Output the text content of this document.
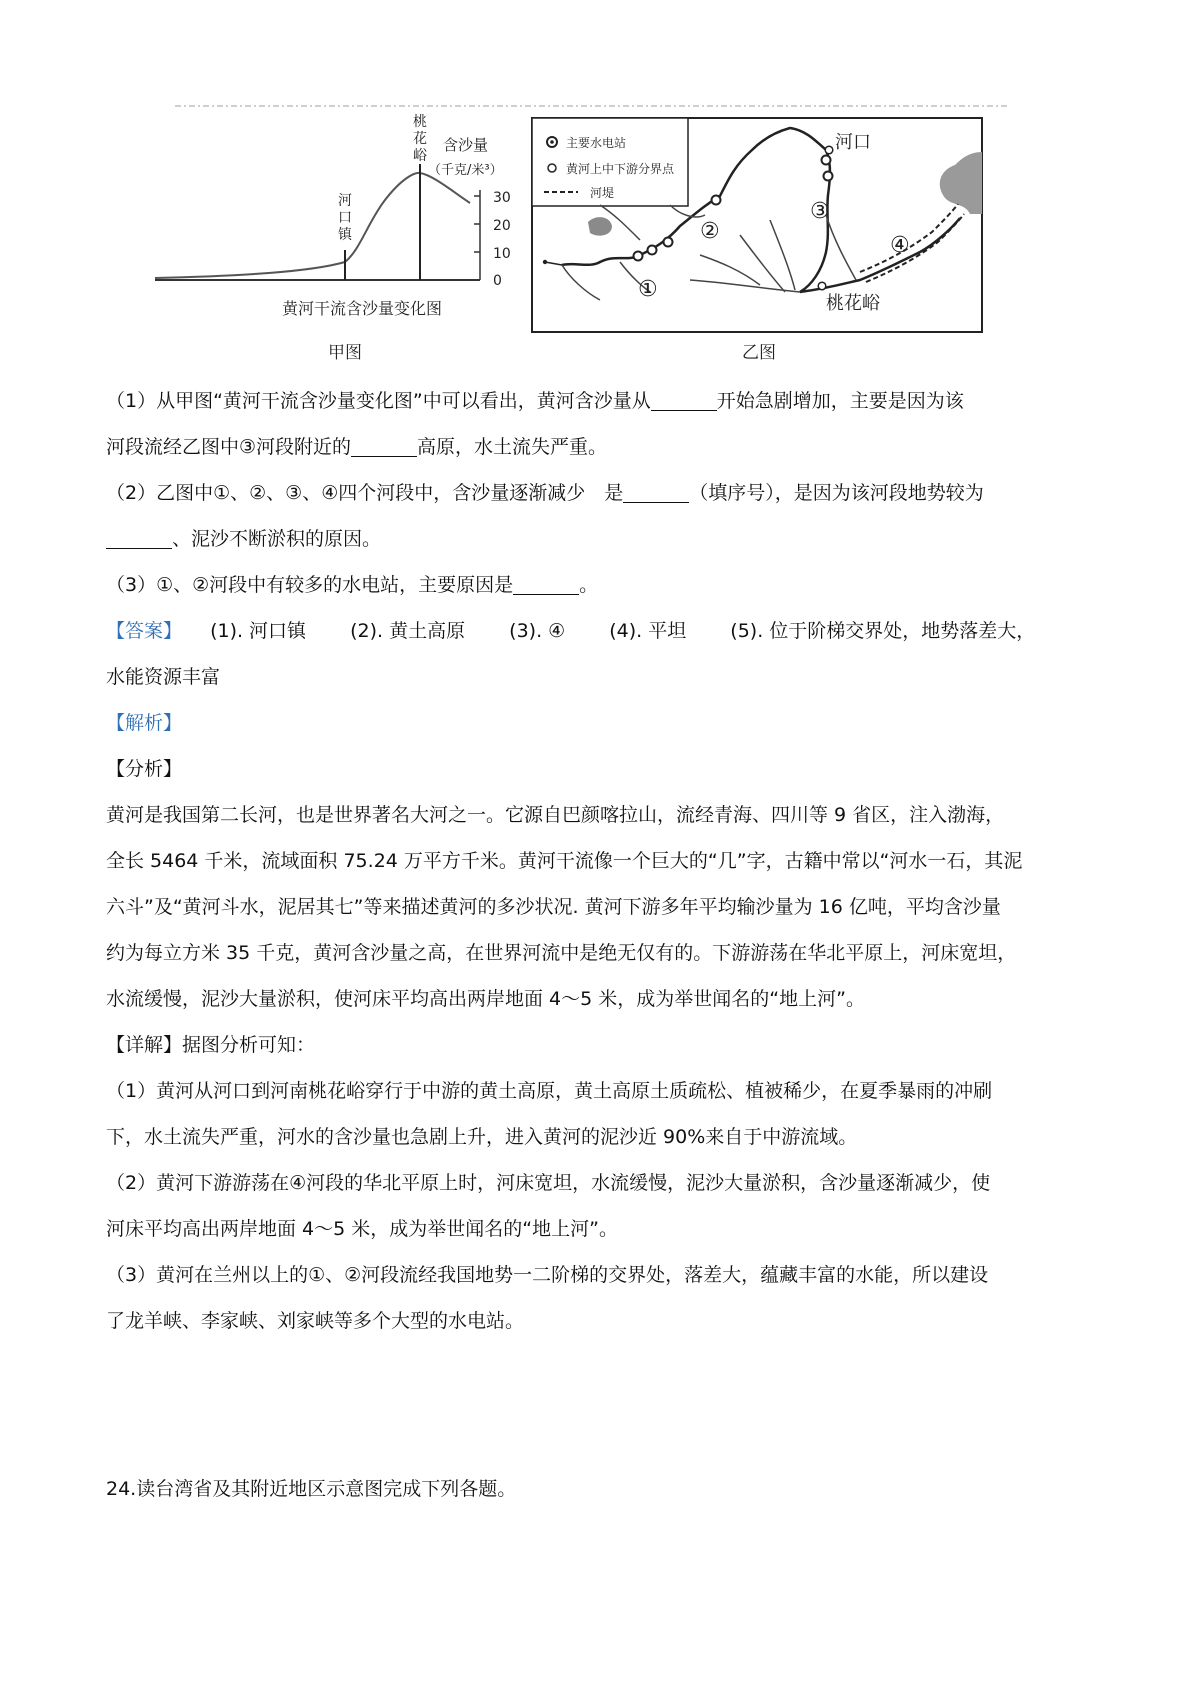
30
20
10
0
含沙量
（千克/米³）
河
口
镇
桃
花
峪
黄河干流含沙量变化图
甲图
主要水电站
黄河上中下游分界点
河堤
①
②
③
④
河口
桃花峪
乙图

（1）从甲图“黄河干流含沙量变化图”中可以看出，黄河含沙量从	开始急剧增加，主要是因为该

河段流经乙图中③河段附近的	高原，水土流失严重。

（2）乙图中①、②、③、④四个河段中，含沙量逐渐减少　是	（填序号），是因为该河段地势较为

、泥沙不断淤积的原因。

（3）①、②河段中有较多的水电站，主要原因是	。

【答案】 (1). 河口镇 (2). 黄土高原 (3). ④ (4). 平坦 (5). 位于阶梯交界处，地势落差大，

水能资源丰富

【解析】

【分析】

黄河是我国第二长河，也是世界著名大河之一。它源自巴颜喀拉山，流经青海、四川等 9 省区，注入渤海，

全长 5464 千米，流域面积 75.24 万平方千米。黄河干流像一个巨大的“几”字，古籍中常以“河水一石，其泥

六斗”及“黄河斗水，泥居其七”等来描述黄河的多沙状况. 黄河下游多年平均输沙量为 16 亿吨，平均含沙量

约为每立方米 35 千克，黄河含沙量之高，在世界河流中是绝无仅有的。下游游荡在华北平原上，河床宽坦，

水流缓慢，泥沙大量淤积，使河床平均高出两岸地面 4～5 米，成为举世闻名的“地上河”。

【详解】据图分析可知：

（1）黄河从河口到河南桃花峪穿行于中游的黄土高原，黄土高原土质疏松、植被稀少，在夏季暴雨的冲刷

下，水土流失严重，河水的含沙量也急剧上升，进入黄河的泥沙近 90%来自于中游流域。

（2）黄河下游游荡在④河段的华北平原上时，河床宽坦，水流缓慢，泥沙大量淤积，含沙量逐渐减少，使

河床平均高出两岸地面 4～5 米，成为举世闻名的“地上河”。

（3）黄河在兰州以上的①、②河段流经我国地势一二阶梯的交界处，落差大，蕴藏丰富的水能，所以建设

了龙羊峡、李家峡、刘家峡等多个大型的水电站。

24.读台湾省及其附近地区示意图完成下列各题。
